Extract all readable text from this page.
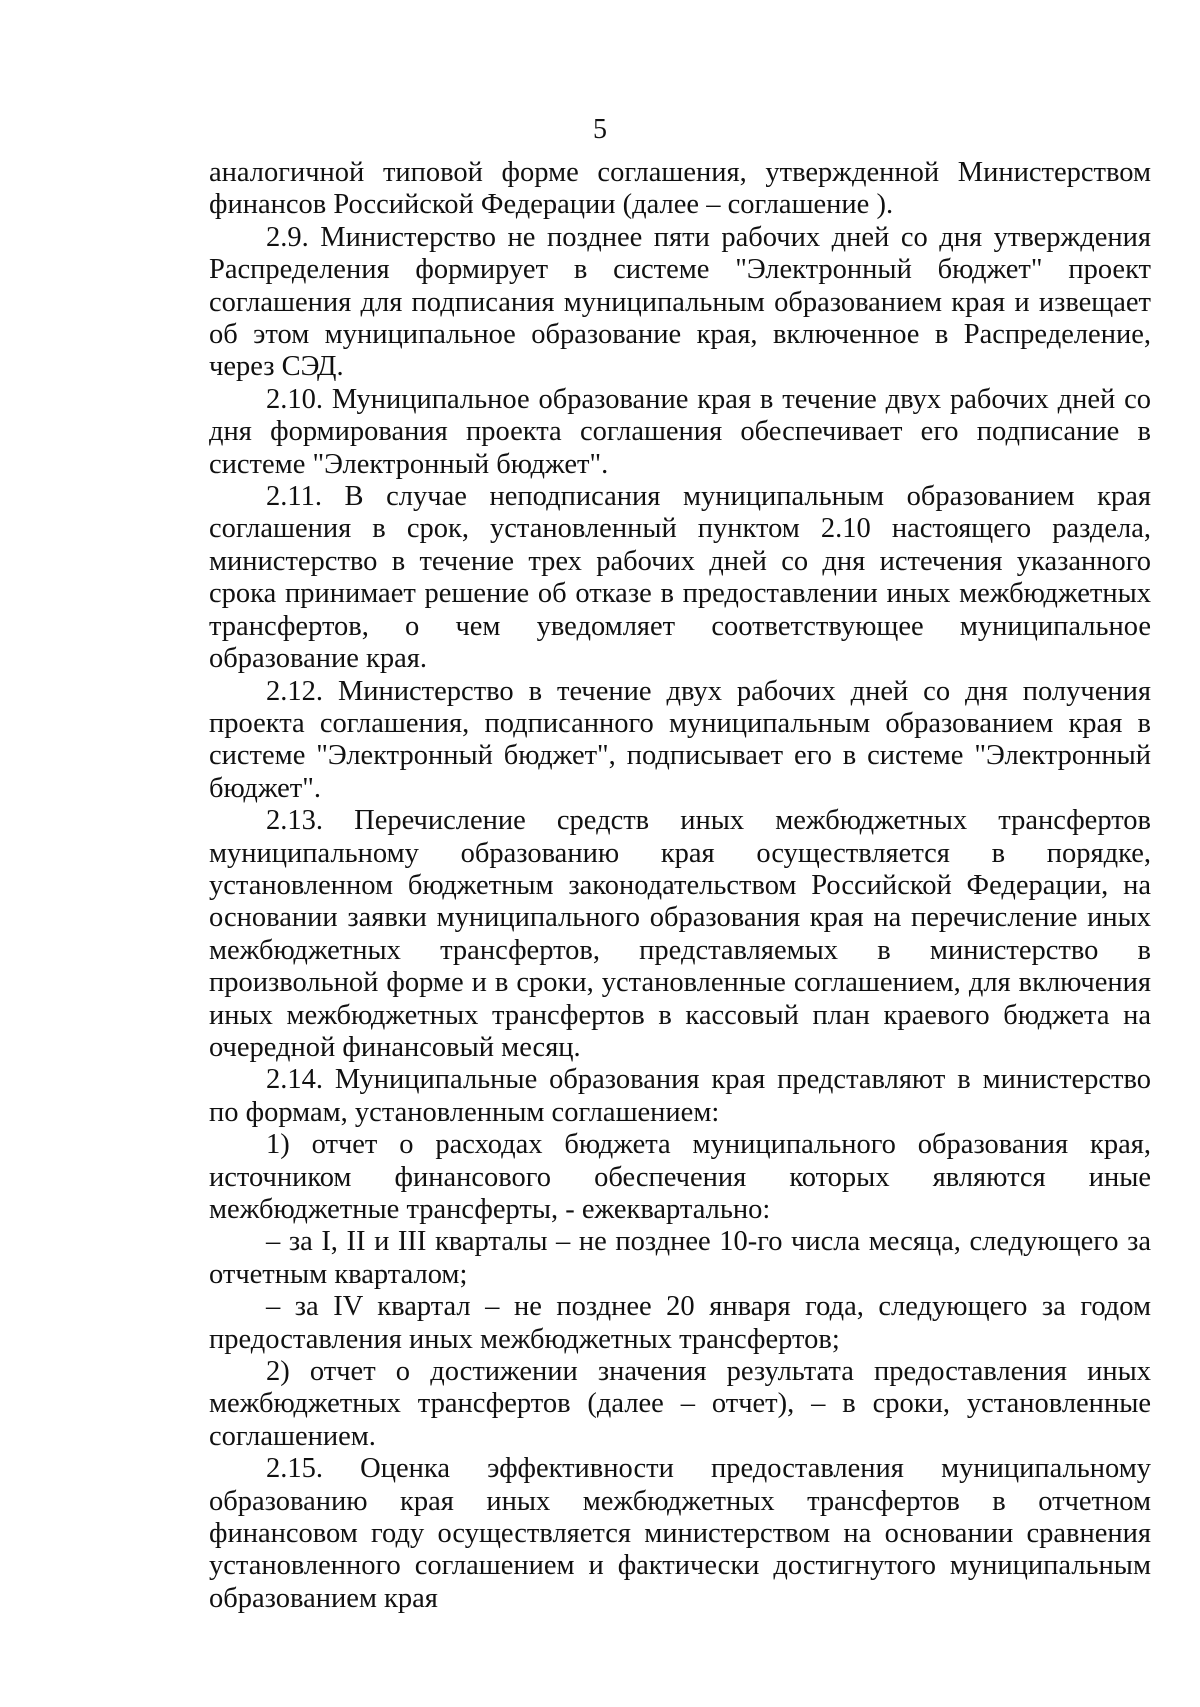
5

аналогичной типовой форме соглашения, утвержденной Министерством финансов Российской Федерации (далее – соглашение ).

2.9. Министерство не позднее пяти рабочих дней со дня утверждения Распределения формирует в системе "Электронный бюджет" проект соглашения для подписания муниципальным образованием края и извещает об этом муниципальное образование края, включенное в Распределение, через СЭД.

2.10. Муниципальное образование края в течение двух рабочих дней со дня формирования проекта соглашения обеспечивает его подписание в системе "Электронный бюджет".

2.11. В случае неподписания муниципальным образованием края соглашения в срок, установленный пунктом 2.10 настоящего раздела, министерство в течение трех рабочих дней со дня истечения указанного срока принимает решение об отказе в предоставлении иных межбюджетных трансфертов, о чем уведомляет соответствующее муниципальное образование края.

2.12. Министерство в течение двух рабочих дней со дня получения проекта соглашения, подписанного муниципальным образованием края в системе "Электронный бюджет", подписывает его в системе "Электронный бюджет".

2.13. Перечисление средств иных межбюджетных трансфертов муниципальному образованию края осуществляется в порядке, установленном бюджетным законодательством Российской Федерации, на основании заявки муниципального образования края на перечисление иных межбюджетных трансфертов, представляемых в министерство в произвольной форме и в сроки, установленные соглашением, для включения иных межбюджетных трансфертов в кассовый план краевого бюджета на очередной финансовый месяц.

2.14. Муниципальные образования края представляют в министерство по формам, установленным соглашением:

1) отчет о расходах бюджета муниципального образования края, источником финансового обеспечения которых являются иные межбюджетные трансферты, - ежеквартально:

– за I, II и III кварталы – не позднее 10-го числа месяца, следующего за отчетным кварталом;

– за IV квартал – не позднее 20 января года, следующего за годом предоставления иных межбюджетных трансфертов;

2) отчет о достижении значения результата предоставления иных межбюджетных трансфертов (далее – отчет), – в сроки, установленные соглашением.

2.15. Оценка эффективности предоставления муниципальному образованию края иных межбюджетных трансфертов в отчетном финансовом году осуществляется министерством на основании сравнения установленного соглашением и фактически достигнутого муниципальным образованием края
